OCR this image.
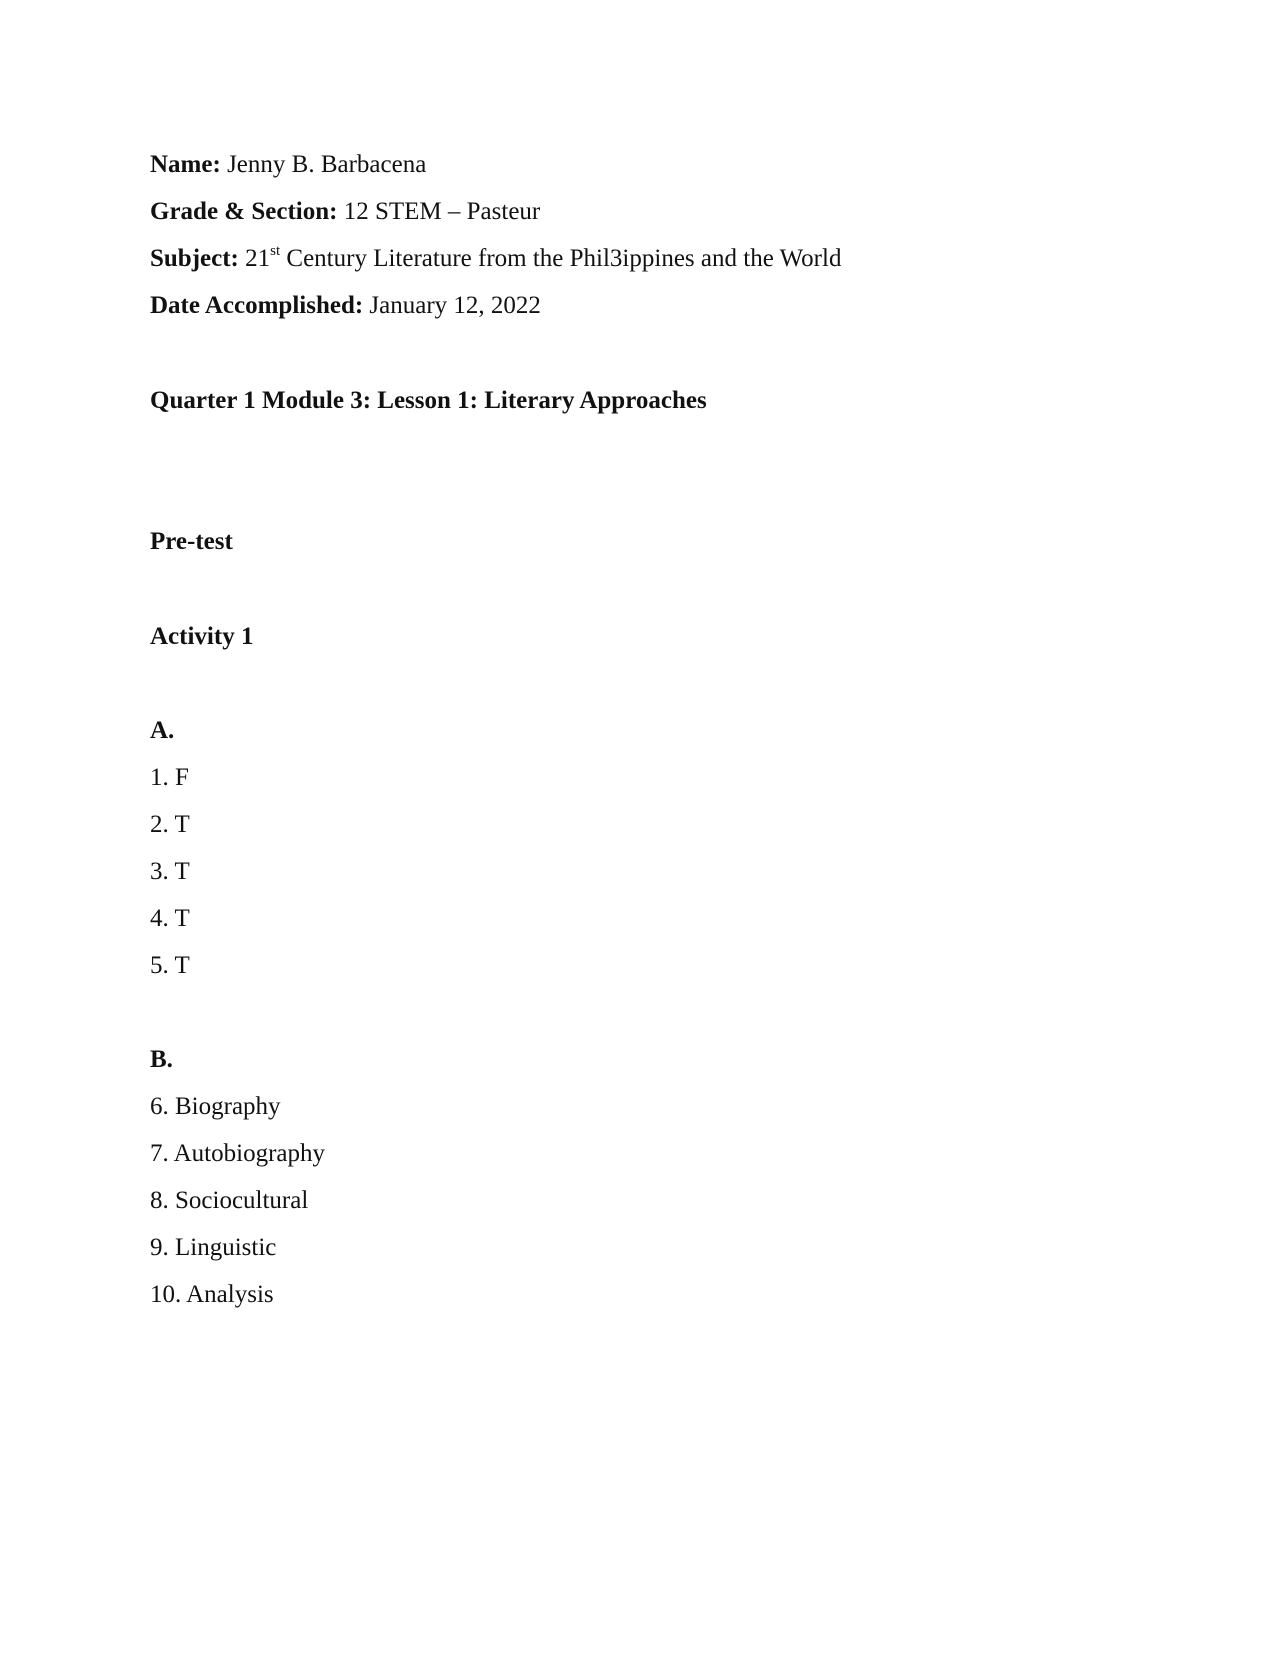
Name: Jenny B. Barbacena
Grade & Section: 12 STEM – Pasteur
Subject: 21st Century Literature from the Phil3ippines and the World
Date Accomplished: January 12, 2022
Quarter 1 Module 3: Lesson 1: Literary Approaches
Pre-test
Activity 1
A.
1. F
2. T
3. T
4. T
5. T
B.
6. Biography
7. Autobiography
8. Sociocultural
9. Linguistic
10. Analysis
